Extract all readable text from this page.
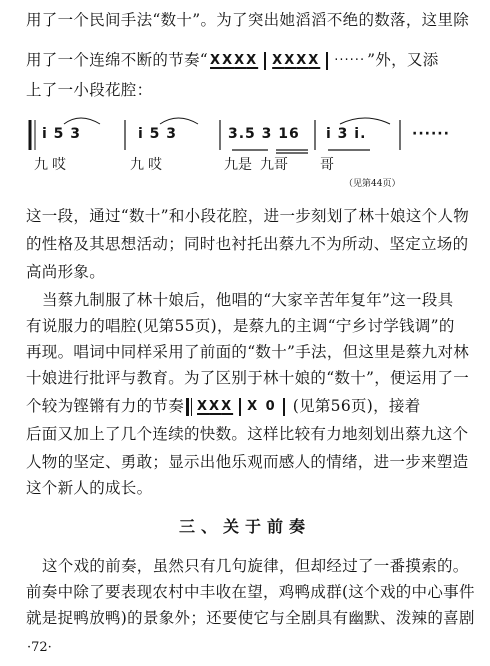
用了一个民间手法“数十”。为了突出她滔滔不绝的数落，这里除
用了一个连绵不断的节奏“ XXXX XXXX ······ ”外，又添
上了一小段花腔：
i 5 3	i 5 3	3.5 3 16 i 3 i.	······
九 哎	九 哎	九是 九哥 哥
（见第44页）
这一段，通过“数十”和小段花腔，进一步刻划了林十娘这个人物
的性格及其思想活动；同时也衬托出蔡九不为所动、坚定立场的
高尚形象。
当蔡九制服了林十娘后，他唱的“大家辛苦年复年”这一段具
有说服力的唱腔(见第55页)，是蔡九的主调“宁乡讨学钱调”的
再现。唱词中同样采用了前面的“数十”手法，但这里是蔡九对林
十娘进行批评与教育。为了区别于林十娘的“数十”，便运用了一
个较为铿锵有力的节奏 XXX X 0 (见第56页)，接着
后面又加上了几个连续的快数。这样比较有力地刻划出蔡九这个
人物的坚定、勇敢；显示出他乐观而感人的情绪，进一步来塑造
这个新人的成长。
三、关于前奏
这个戏的前奏，虽然只有几句旋律，但却经过了一番摸索的。
前奏中除了要表现农村中丰收在望，鸡鸭成群(这个戏的中心事件
就是捉鸭放鸭)的景象外；还要使它与全剧具有幽默、泼辣的喜剧
·72·
